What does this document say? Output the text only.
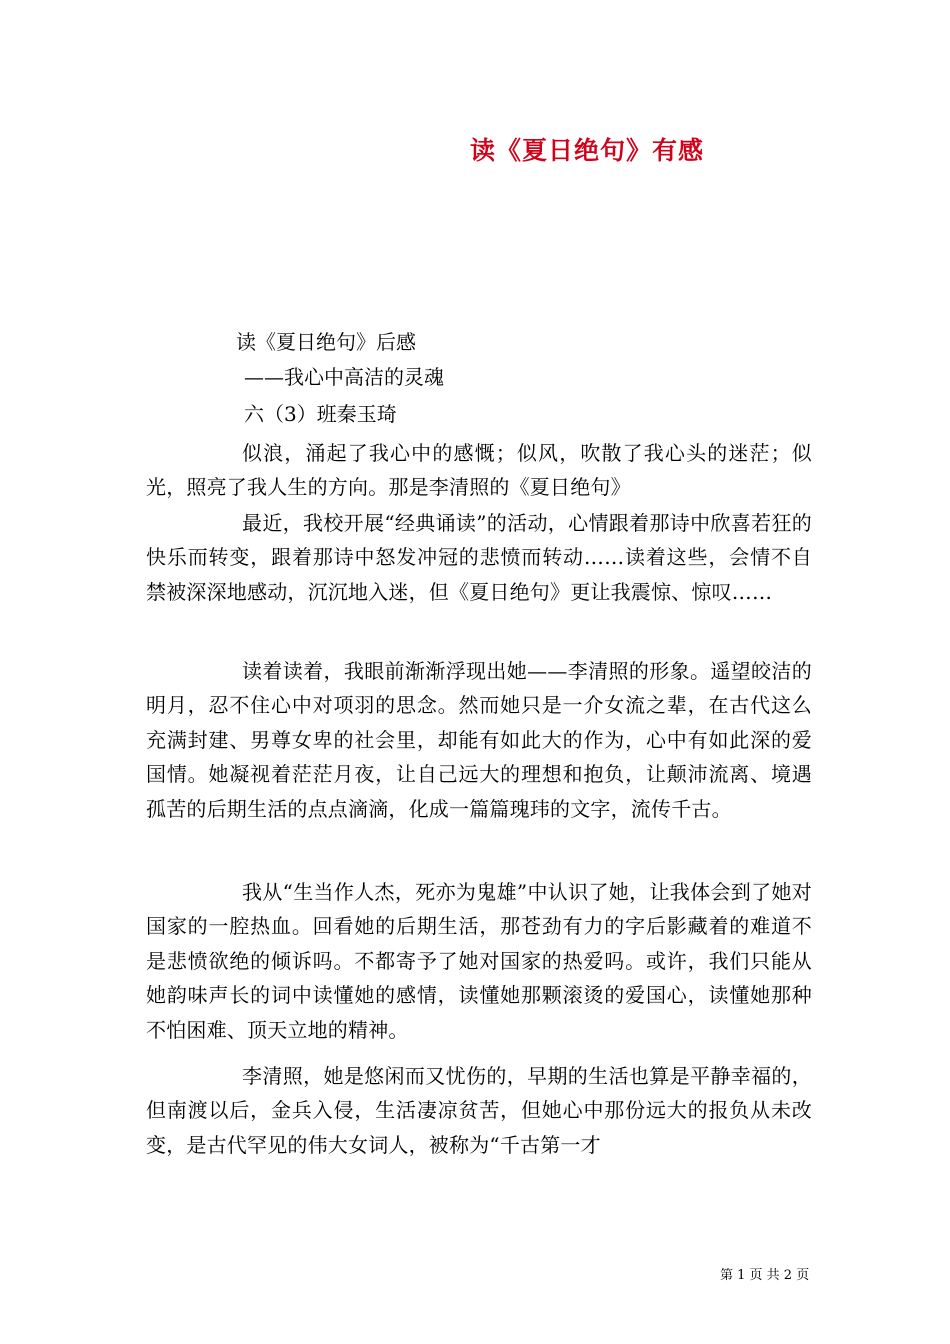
读《夏日绝句》有感
读《夏日绝句》后感
——我心中高洁的灵魂
六（3）班秦玉琦
似浪，涌起了我心中的感慨；似风，吹散了我心头的迷茫；似光，照亮了我人生的方向。那是李清照的《夏日绝句》
最近，我校开展“经典诵读”的活动，心情跟着那诗中欣喜若狂的快乐而转变，跟着那诗中怒发冲冠的悲愤而转动……读着这些，会情不自禁被深深地感动，沉沉地入迷，但《夏日绝句》更让我震惊、惊叹……
读着读着，我眼前渐渐浮现出她——李清照的形象。遥望皎洁的明月，忍不住心中对项羽的思念。然而她只是一介女流之辈，在古代这么充满封建、男尊女卑的社会里，却能有如此大的作为，心中有如此深的爱国情。她凝视着茫茫月夜，让自己远大的理想和抱负，让颠沛流离、境遇孤苦的后期生活的点点滴滴，化成一篇篇瑰玮的文字，流传千古。
我从“生当作人杰，死亦为鬼雄”中认识了她，让我体会到了她对国家的一腔热血。回看她的后期生活，那苍劲有力的字后影藏着的难道不是悲愤欲绝的倾诉吗。不都寄予了她对国家的热爱吗。或许，我们只能从她韵味声长的词中读懂她的感情，读懂她那颗滚烫的爱国心，读懂她那种不怕困难、顶天立地的精神。
李清照，她是悠闲而又忧伤的，早期的生活也算是平静幸福的，但南渡以后，金兵入侵，生活凄凉贫苦，但她心中那份远大的报负从未改变，是古代罕见的伟大女词人，被称为“千古第一才
第 1 页 共 2 页
